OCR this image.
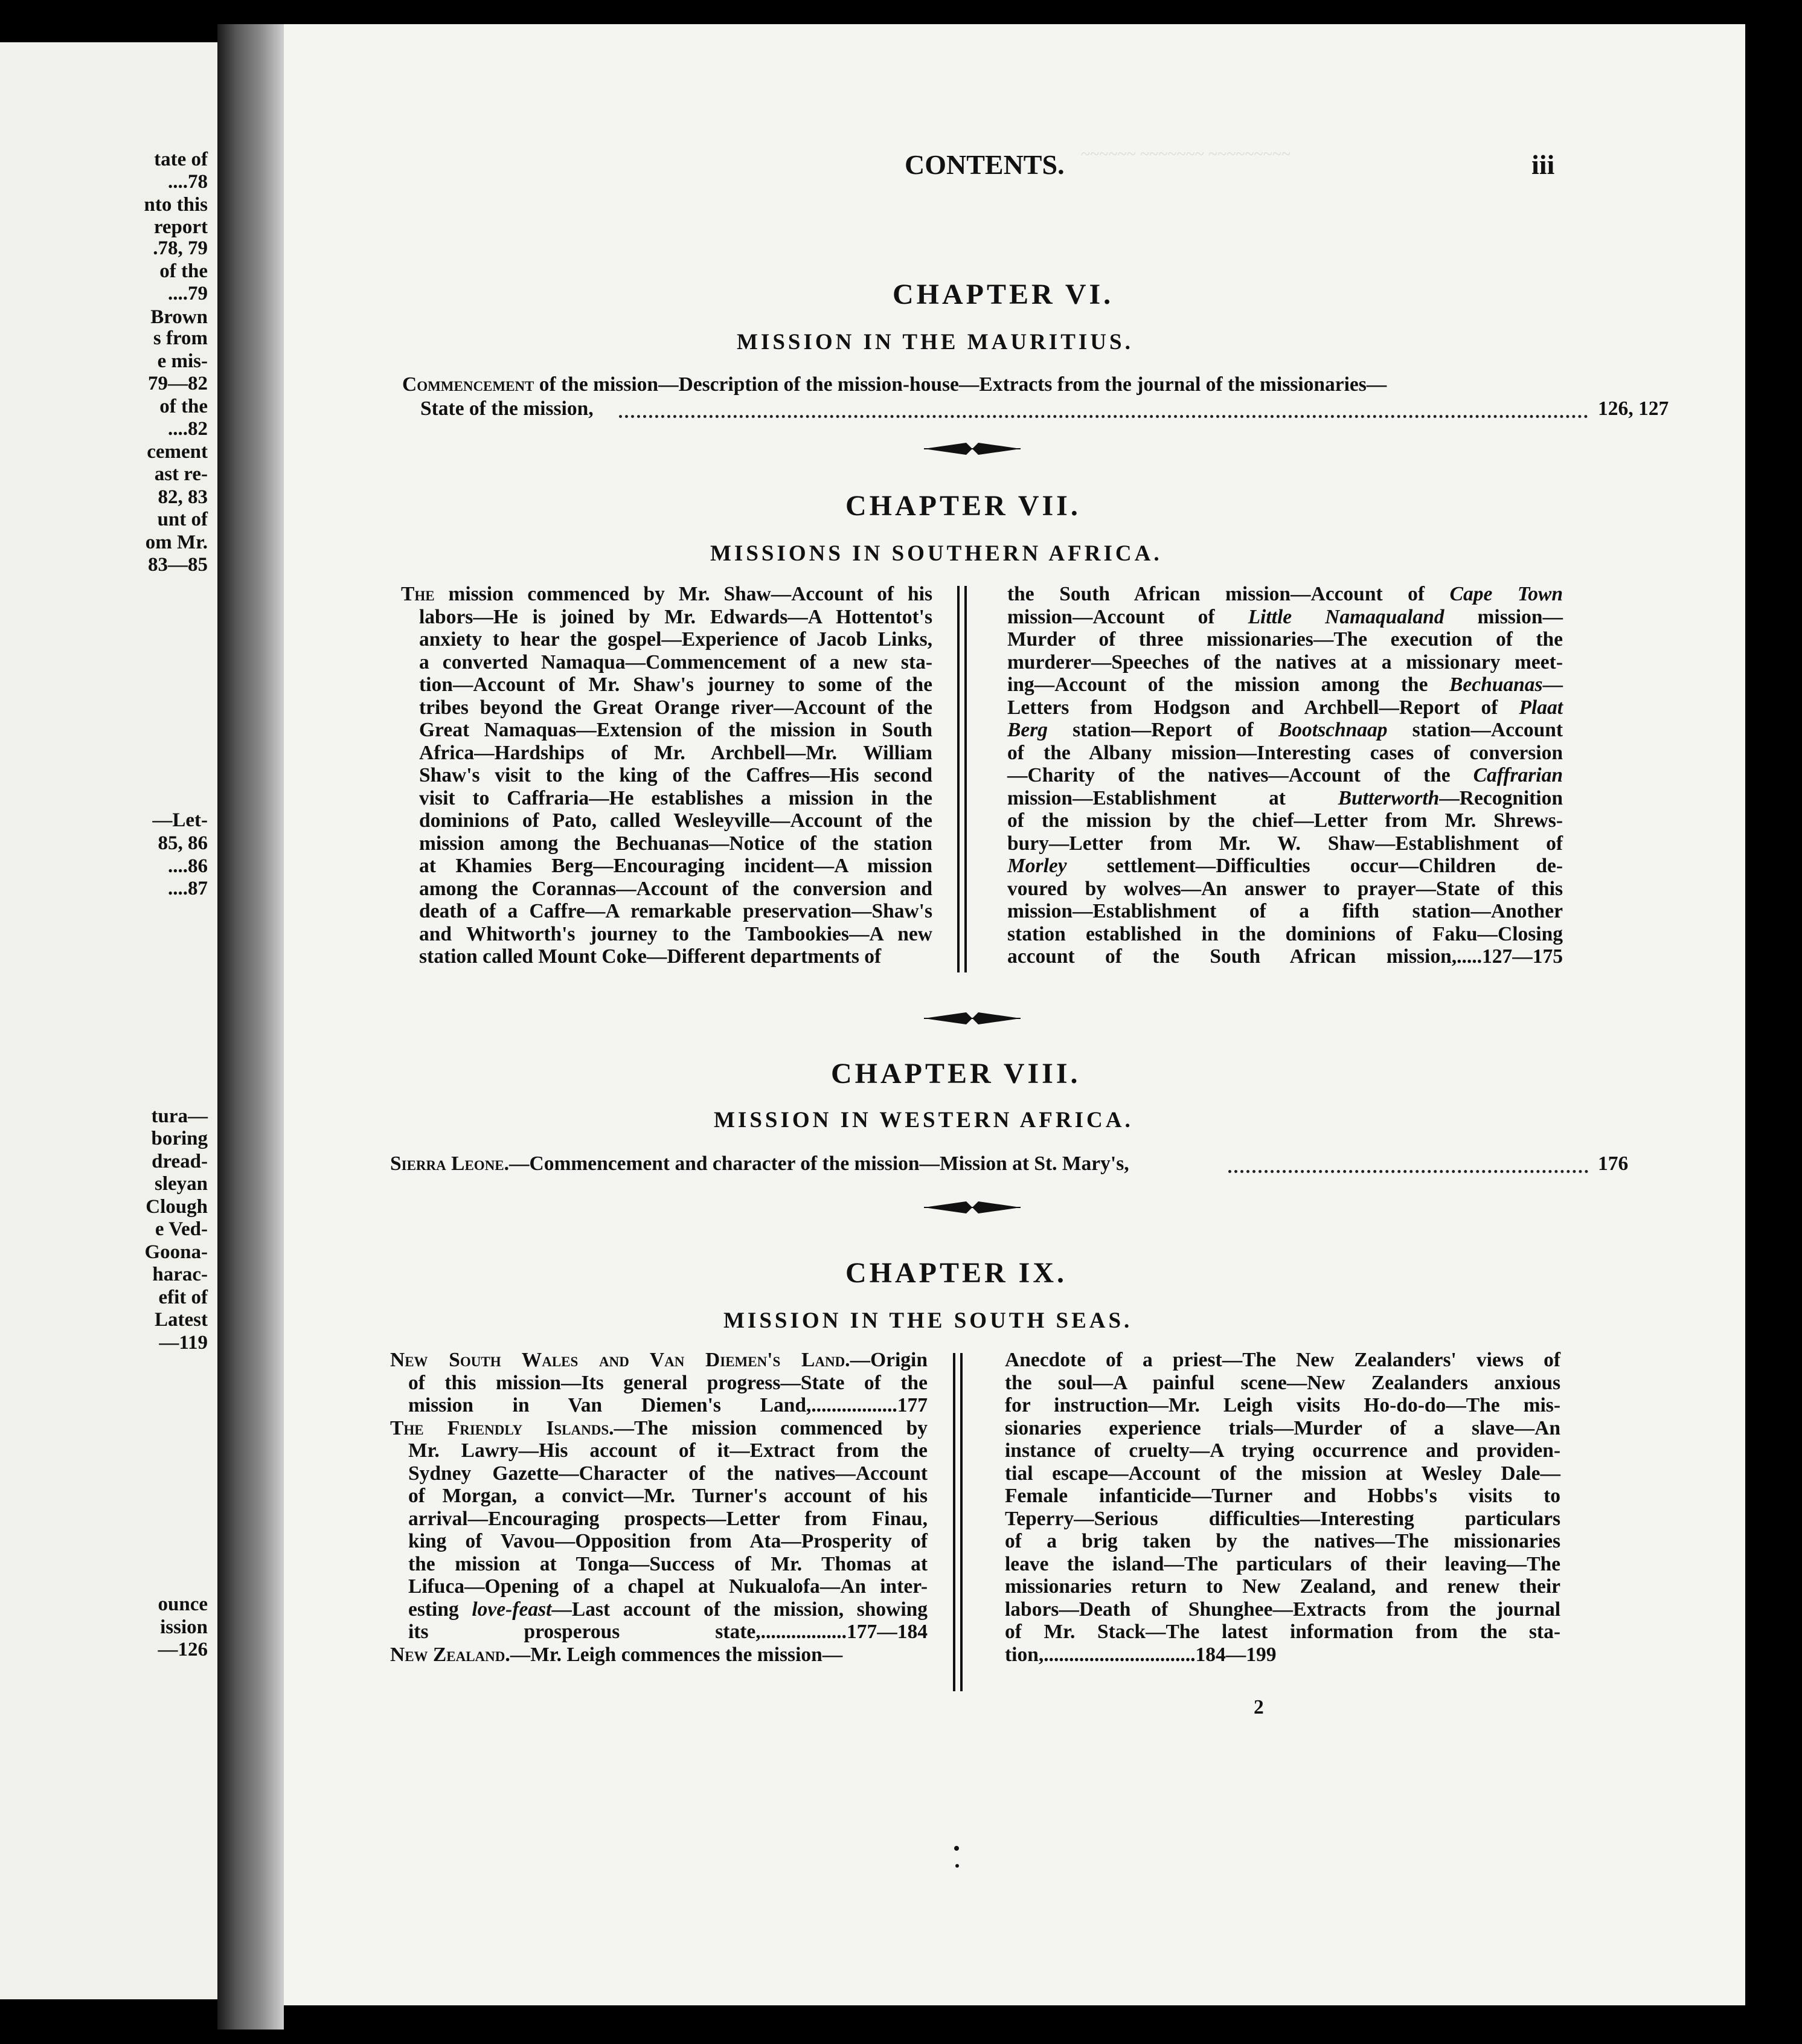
tate of
....78
nto this
report
.78, 79
of the
....79
Brown
s from
e mis-
79—82
of the
....82
cement
ast re-
82, 83
unt of
om Mr.
83—85
—Let-
85, 86
....86
....87
tura—
boring
dread-
sleyan
Clough
e Ved-
Goona-
harac-
efit of
Latest
—119
ounce
ission
—126
~~~~~~ ~~~~~~~ ~~~~~~~~~
CONTENTS.	iii
CHAPTER VI.
MISSION IN THE MAURITIUS.
Commencement of the mission—Description of the mission-house—Extracts from the journal of the missionaries—
State of the mission,	126, 127
CHAPTER VII.
MISSIONS IN SOUTHERN AFRICA.
The mission commenced by Mr. Shaw—Account of his
labors—He is joined by Mr. Edwards—A Hottentot's
anxiety to hear the gospel—Experience of Jacob Links,
a converted Namaqua—Commencement of a new sta-
tion—Account of Mr. Shaw's journey to some of the
tribes beyond the Great Orange river—Account of the
Great Namaquas—Extension of the mission in South
Africa—Hardships of Mr. Archbell—Mr. William
Shaw's visit to the king of the Caffres—His second
visit to Caffraria—He establishes a mission in the
dominions of Pato, called Wesleyville—Account of the
mission among the Bechuanas—Notice of the station
at Khamies Berg—Encouraging incident—A mission
among the Corannas—Account of the conversion and
death of a Caffre—A remarkable preservation—Shaw's
and Whitworth's journey to the Tambookies—A new
station called Mount Coke—Different departments of
the South African mission—Account of Cape Town
mission—Account of Little Namaqualand mission—
Murder of three missionaries—The execution of the
murderer—Speeches of the natives at a missionary meet-
ing—Account of the mission among the Bechuanas—
Letters from Hodgson and Archbell—Report of Plaat
Berg station—Report of Bootschnaap station—Account
of the Albany mission—Interesting cases of conversion
—Charity of the natives—Account of the Caffrarian
mission—Establishment at Butterworth—Recognition
of the mission by the chief—Letter from Mr. Shrews-
bury—Letter from Mr. W. Shaw—Establishment of
Morley settlement—Difficulties occur—Children de-
voured by wolves—An answer to prayer—State of this
mission—Establishment of a fifth station—Another
station established in the dominions of Faku—Closing
account of the South African mission,.....127—175
CHAPTER VIII.
MISSION IN WESTERN AFRICA.
Sierra Leone.—Commencement and character of the mission—Mission at St. Mary's,	176
CHAPTER IX.
MISSION IN THE SOUTH SEAS.
New South Wales and Van Diemen's Land.—Origin
of this mission—Its general progress—State of the
mission in Van Diemen's Land,.................177
The Friendly Islands.—The mission commenced by
Mr. Lawry—His account of it—Extract from the
Sydney Gazette—Character of the natives—Account
of Morgan, a convict—Mr. Turner's account of his
arrival—Encouraging prospects—Letter from Finau,
king of Vavou—Opposition from Ata—Prosperity of
the mission at Tonga—Success of Mr. Thomas at
Lifuca—Opening of a chapel at Nukualofa—An inter-
esting love-feast—Last account of the mission, showing
its prosperous state,.................177—184
New Zealand.—Mr. Leigh commences the mission—
Anecdote of a priest—The New Zealanders' views of
the soul—A painful scene—New Zealanders anxious
for instruction—Mr. Leigh visits Ho-do-do—The mis-
sionaries experience trials—Murder of a slave—An
instance of cruelty—A trying occurrence and providen-
tial escape—Account of the mission at Wesley Dale—
Female infanticide—Turner and Hobbs's visits to
Teperry—Serious difficulties—Interesting particulars
of a brig taken by the natives—The missionaries
leave the island—The particulars of their leaving—The
missionaries return to New Zealand, and renew their
labors—Death of Shunghee—Extracts from the journal
of Mr. Stack—The latest information from the sta-
tion,..............................184—199
2
